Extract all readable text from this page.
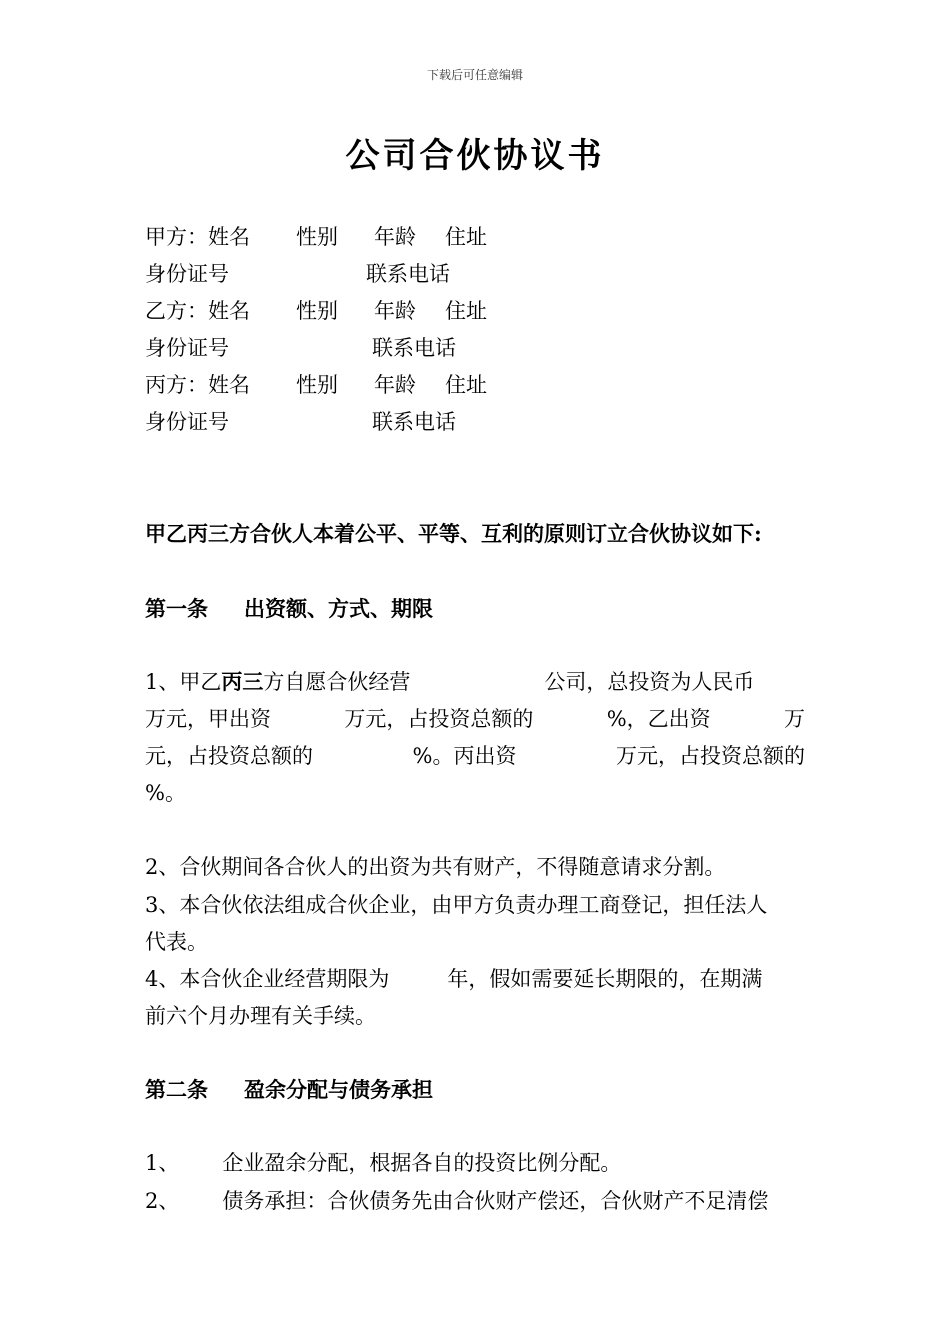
下载后可任意编辑
公司合伙协议书
甲方：姓名 性别 年龄 住址
身份证号	联系电话
乙方：姓名 性别 年龄 住址
身份证号	联系电话
丙方：姓名 性别 年龄 住址
身份证号	联系电话
甲乙丙三方合伙人本着公平、平等、互利的原则订立合伙协议如下:
第一条 出资额、方式、期限
1、甲乙丙三方自愿合伙经营	公司，总投资为人民币
万元，甲出资	万元，占投资总额的	%，乙出资	万
元，占投资总额的	%。丙出资	万元，占投资总额的
%。
2、合伙期间各合伙人的出资为共有财产，不得随意请求分割。
3、本合伙依法组成合伙企业，由甲方负责办理工商登记，担任法人
代表。
4、本合伙企业经营期限为	年，假如需要延长期限的，在期满
前六个月办理有关手续。
第二条 盈余分配与债务承担
1、 企业盈余分配，根据各自的投资比例分配。
2、 债务承担：合伙债务先由合伙财产偿还，合伙财产不足清偿
